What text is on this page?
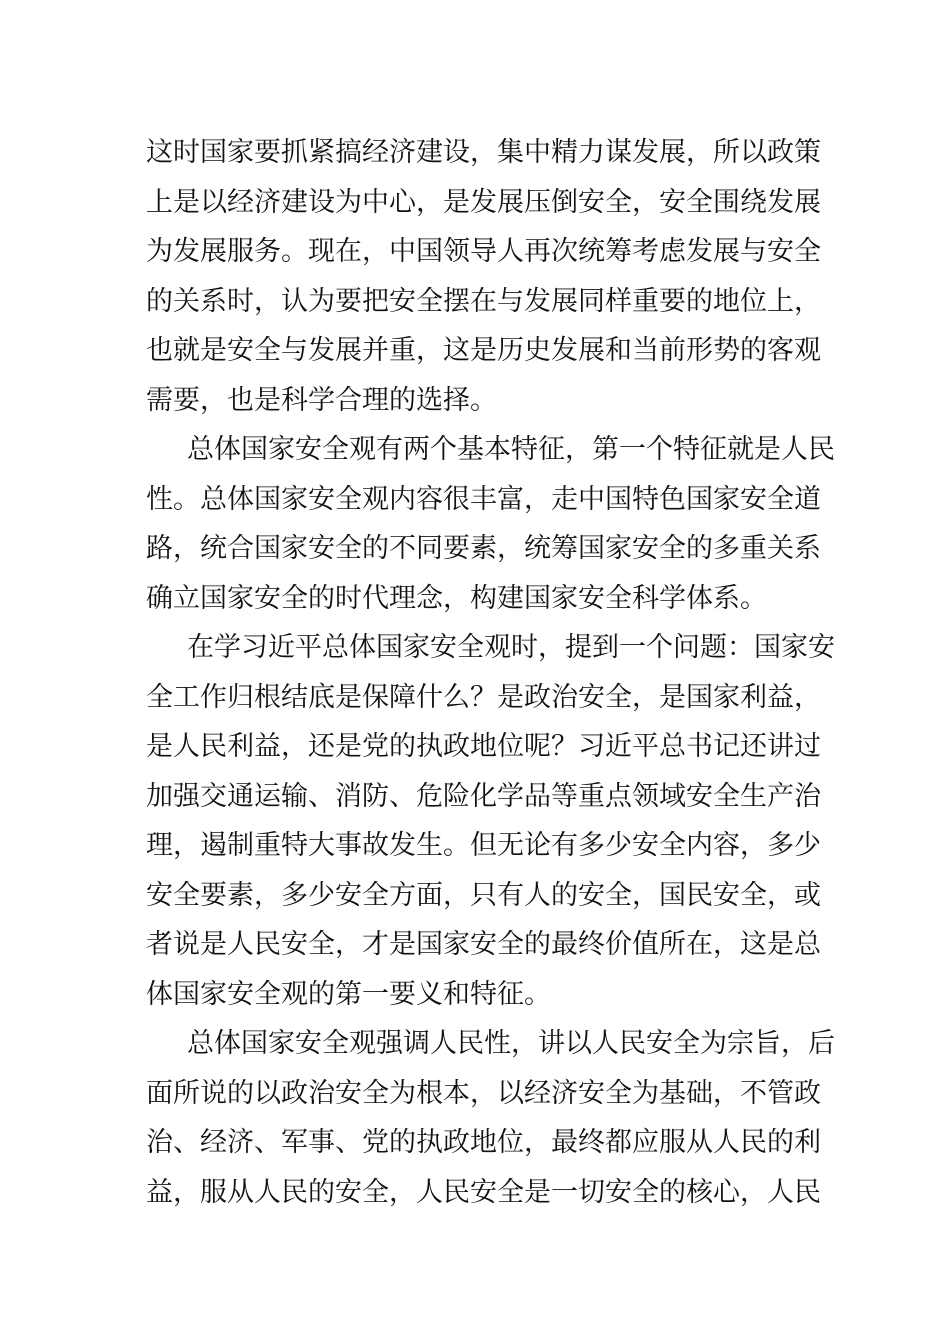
这时国家要抓紧搞经济建设，集中精力谋发展，所以政策
上是以经济建设为中心，是发展压倒安全，安全围绕发展
为发展服务。现在，中国领导人再次统筹考虑发展与安全
的关系时，认为要把安全摆在与发展同样重要的地位上，
也就是安全与发展并重，这是历史发展和当前形势的客观
需要，也是科学合理的选择。
总体国家安全观有两个基本特征，第一个特征就是人民
性。总体国家安全观内容很丰富，走中国特色国家安全道
路，统合国家安全的不同要素，统筹国家安全的多重关系
确立国家安全的时代理念，构建国家安全科学体系。
在学习近平总体国家安全观时，提到一个问题：国家安
全工作归根结底是保障什么？是政治安全，是国家利益，
是人民利益，还是党的执政地位呢？习近平总书记还讲过
加强交通运输、消防、危险化学品等重点领域安全生产治
理，遏制重特大事故发生。但无论有多少安全内容，多少
安全要素，多少安全方面，只有人的安全，国民安全，或
者说是人民安全，才是国家安全的最终价值所在，这是总
体国家安全观的第一要义和特征。
总体国家安全观强调人民性，讲以人民安全为宗旨，后
面所说的以政治安全为根本，以经济安全为基础，不管政
治、经济、军事、党的执政地位，最终都应服从人民的利
益，服从人民的安全，人民安全是一切安全的核心，人民
